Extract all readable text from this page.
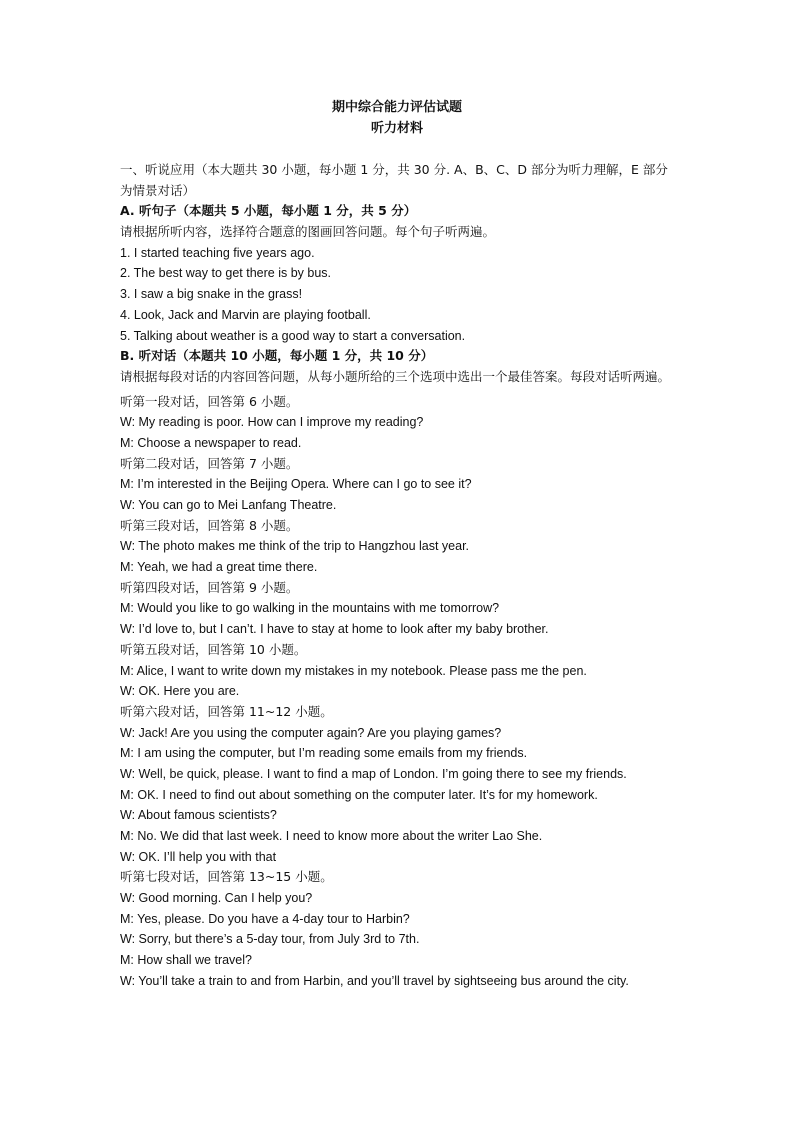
期中综合能力评估试题

听力材料

一、听说应用（本大题共 30 小题，每小题 1 分，共 30 分. A、B、C、D 部分为听力理解，E 部分为情景对话）

A. 听句子（本题共 5 小题，每小题 1 分，共 5 分）

请根据所听内容，选择符合题意的图画回答问题。每个句子听两遍。

1. I started teaching five years ago.

2. The best way to get there is by bus.

3. I saw a big snake in the grass!

4. Look, Jack and Marvin are playing football.

5. Talking about weather is a good way to start a conversation.

B. 听对话（本题共 10 小题，每小题 1 分，共 10 分）

请根据每段对话的内容回答问题，从每小题所给的三个选项中选出一个最佳答案。每段对话听两遍。

听第一段对话，回答第 6 小题。

W: My reading is poor. How can I improve my reading?

M: Choose a newspaper to read.

听第二段对话，回答第 7 小题。

M: I’m interested in the Beijing Opera. Where can I go to see it?

W: You can go to Mei Lanfang Theatre.

听第三段对话，回答第 8 小题。

W: The photo makes me think of the trip to Hangzhou last year.

M: Yeah, we had a great time there.

听第四段对话，回答第 9 小题。

M: Would you like to go walking in the mountains with me tomorrow?

W: I’d love to, but I can’t. I have to stay at home to look after my baby brother.

听第五段对话，回答第 10 小题。

M: Alice, I want to write down my mistakes in my notebook. Please pass me the pen.

W: OK. Here you are.

听第六段对话，回答第 11~12 小题。

W: Jack! Are you using the computer again? Are you playing games?

M: I am using the computer, but I’m reading some emails from my friends.

W: Well, be quick, please. I want to find a map of London. I’m going there to see my friends.

M: OK. I need to find out about something on the computer later. It’s for my homework.

W: About famous scientists?

M: No. We did that last week. I need to know more about the writer Lao She.

W: OK. I’ll help you with that

听第七段对话，回答第 13~15 小题。

W: Good morning. Can I help you?

M: Yes, please. Do you have a 4-day tour to Harbin?

W: Sorry, but there’s a 5-day tour, from July 3rd to 7th.

M: How shall we travel?

W: You’ll take a train to and from Harbin, and you’ll travel by sightseeing bus around the city.
